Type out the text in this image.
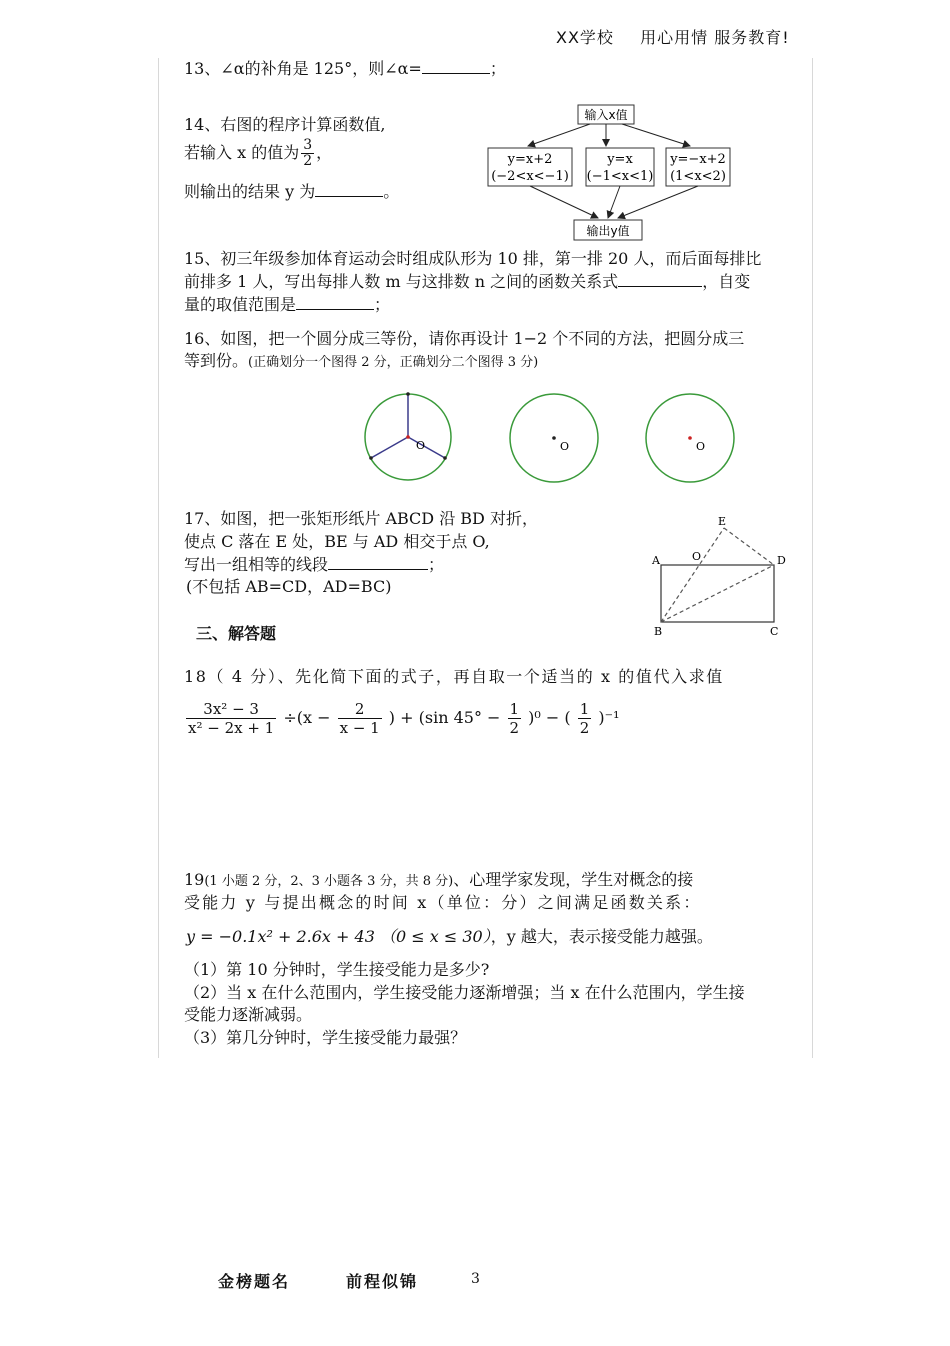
XX学校 用心用情 服务教育!
13、∠α的补角是 125°，则∠α=	；
14、右图的程序计算函数值,
若输入 x 的值为 $\frac{3}{2}$ ，
则输出的结果 y 为	。
输入x值
y=x+2
(−2<x<−1)
y=x
(−1<x<1)
y=−x+2
(1<x<2)
输出y值
15、初三年级参加体育运动会时组成队形为 10 排，第一排 20 人，而后面每排比
前排多 1 人，写出每排人数 m 与这排数 n 之间的函数关系式	，自变
量的取值范围是	；
16、如图，把一个圆分成三等份，请你再设计 1−2 个不同的方法，把圆分成三
等到份。(正确划分一个图得 2 分，正确划分二个图得 3 分)
O	O	O
17、如图，把一张矩形纸片 ABCD 沿 BD 对折，
使点 C 落在 E 处，BE 与 AD 相交于点 O,
写出一组相等的线段	；
(不包括 AB=CD，AD=BC)
A	D
B	C
E
O
三、解答题
18（ 4 分）、先化简下面的式子，再自取一个适当的 x 的值代入求值
$\frac{\text{3x² − 3}}{\text{x² − 2x + 1}} \div(x - \frac{2}{x - 1}$ ) + (sin $45^\circ - \frac{1}{2} )^0$ − ( $\frac{1}{2} )^{-1}$
19(1 小题 2 分，2、3 小题各 3 分，共 8 分)、心理学家发现，学生对概念的接
受能力 y 与提出概念的时间 x（单位：分）之间满足函数关系：
y = −0.1x² + 2.6x + 43 （0 ≤ x ≤ 30），y 越大，表示接受能力越强。
（1）第 10 分钟时，学生接受能力是多少?
（2）当 x 在什么范围内，学生接受能力逐渐增强；当 x 在什么范围内，学生接
受能力逐渐减弱。
（3）第几分钟时，学生接受能力最强？
金榜题名	前程似锦	3
